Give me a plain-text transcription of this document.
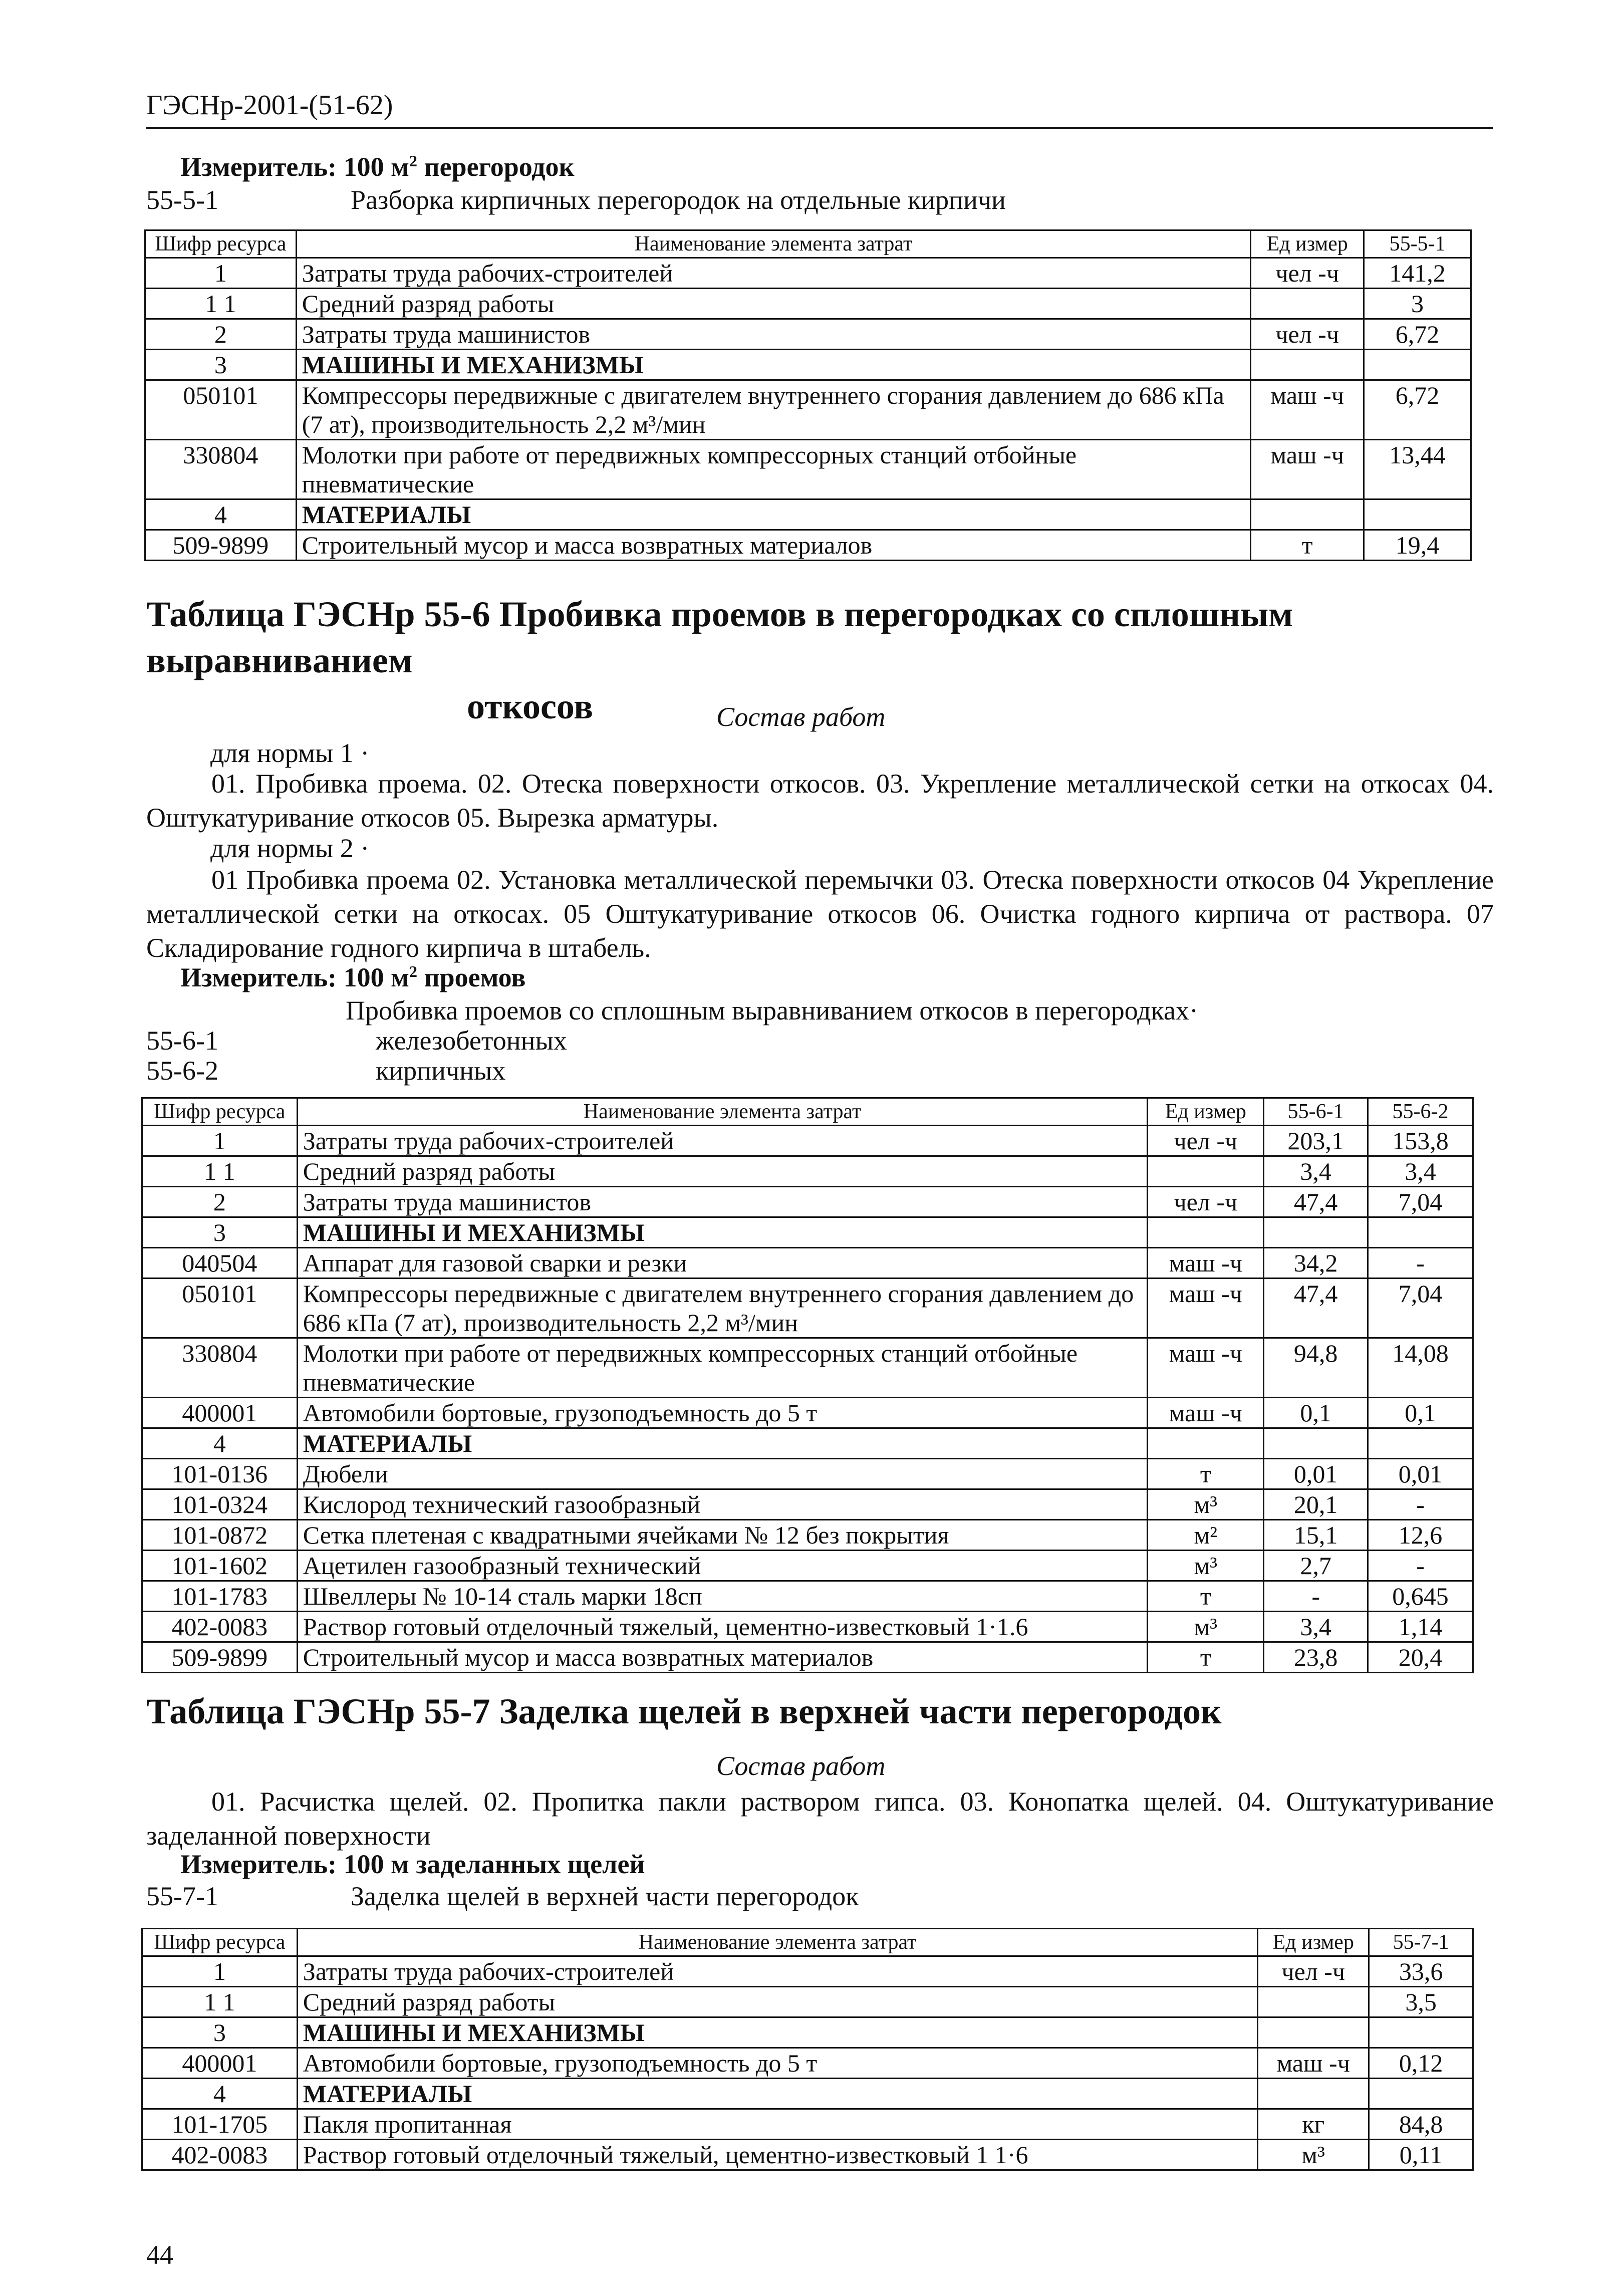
ГЭСНр-2001-(51-62)
Измеритель: 100 $м^2$ перегородок
55-5-1	Разборка кирпичных перегородок на отдельные кирпичи
Шифр ресурса	Наименование элемента затрат	Ед измер	55-5-1
1	Затраты труда рабочих-строителей	чел -ч	141,2
1 1	Средний разряд работы		3
2	Затраты труда машинистов	чел -ч	6,72
3	МАШИНЫ И МЕХАНИЗМЫ		
050101	Компрессоры передвижные с двигателем внутреннего сгорания давлением до 686 кПа (7 ат), производительность 2,2 м³/мин	маш -ч	6,72
330804	Молотки при работе от передвижных компрессорных станций отбойные пневматические	маш -ч	13,44
4	МАТЕРИАЛЫ		
509-9899	Строительный мусор и масса возвратных материалов	т	19,4
Таблица ГЭСНр 55-6 Пробивка проемов в перегородках со сплошным выравниванием
откосов	Состав работ
для нормы 1 ·
01. Пробивка проема. 02. Отеска поверхности откосов. 03. Укрепление металлической сетки на откосах 04. Оштукатуривание откосов 05. Вырезка арматуры.
для нормы 2 ·
01 Пробивка проема 02. Установка металлической перемычки 03. Отеска поверхности откосов 04 Укрепление металлической сетки на откосах. 05 Оштукатуривание откосов 06. Очистка годного кирпича от раствора. 07 Складирование годного кирпича в штабель.
Измеритель: 100 $м^2$ проемов
Пробивка проемов со сплошным выравниванием откосов в перегородках·
55-6-1	железобетонных
55-6-2	кирпичных
Шифр ресурса	Наименование элемента затрат	Ед измер	55-6-1	55-6-2
1	Затраты труда рабочих-строителей	чел -ч	203,1	153,8
1 1	Средний разряд работы		3,4	3,4
2	Затраты труда машинистов	чел -ч	47,4	7,04
3	МАШИНЫ И МЕХАНИЗМЫ			
040504	Аппарат для газовой сварки и резки	маш -ч	34,2	-
050101	Компрессоры передвижные с двигателем внутреннего сгорания давлением до 686 кПа (7 ат), производительность 2,2 м³/мин	маш -ч	47,4	7,04
330804	Молотки при работе от передвижных компрессорных станций отбойные пневматические	маш -ч	94,8	14,08
400001	Автомобили бортовые, грузоподъемность до 5 т	маш -ч	0,1	0,1
4	МАТЕРИАЛЫ			
101-0136	Дюбели	т	0,01	0,01
101-0324	Кислород технический газообразный	м³	20,1	-
101-0872	Сетка плетеная с квадратными ячейками № 12 без покрытия	м²	15,1	12,6
101-1602	Ацетилен газообразный технический	м³	2,7	-
101-1783	Швеллеры № 10-14 сталь марки 18сп	т	-	0,645
402-0083	Раствор готовый отделочный тяжелый, цементно-известковый 1·1.6	м³	3,4	1,14
509-9899	Строительный мусор и масса возвратных материалов	т	23,8	20,4
Таблица ГЭСНр 55-7 Заделка щелей в верхней части перегородок
Состав работ
01. Расчистка щелей. 02. Пропитка пакли раствором гипса. 03. Конопатка щелей. 04. Оштукатуривание заделанной поверхности
Измеритель: 100 м заделанных щелей
55-7-1	Заделка щелей в верхней части перегородок
Шифр ресурса	Наименование элемента затрат	Ед измер	55-7-1
1	Затраты труда рабочих-строителей	чел -ч	33,6
1 1	Средний разряд работы		3,5
3	МАШИНЫ И МЕХАНИЗМЫ		
400001	Автомобили бортовые, грузоподъемность до 5 т	маш -ч	0,12
4	МАТЕРИАЛЫ		
101-1705	Пакля пропитанная	кг	84,8
402-0083	Раствор готовый отделочный тяжелый, цементно-известковый 1 1·6	м³	0,11
44
